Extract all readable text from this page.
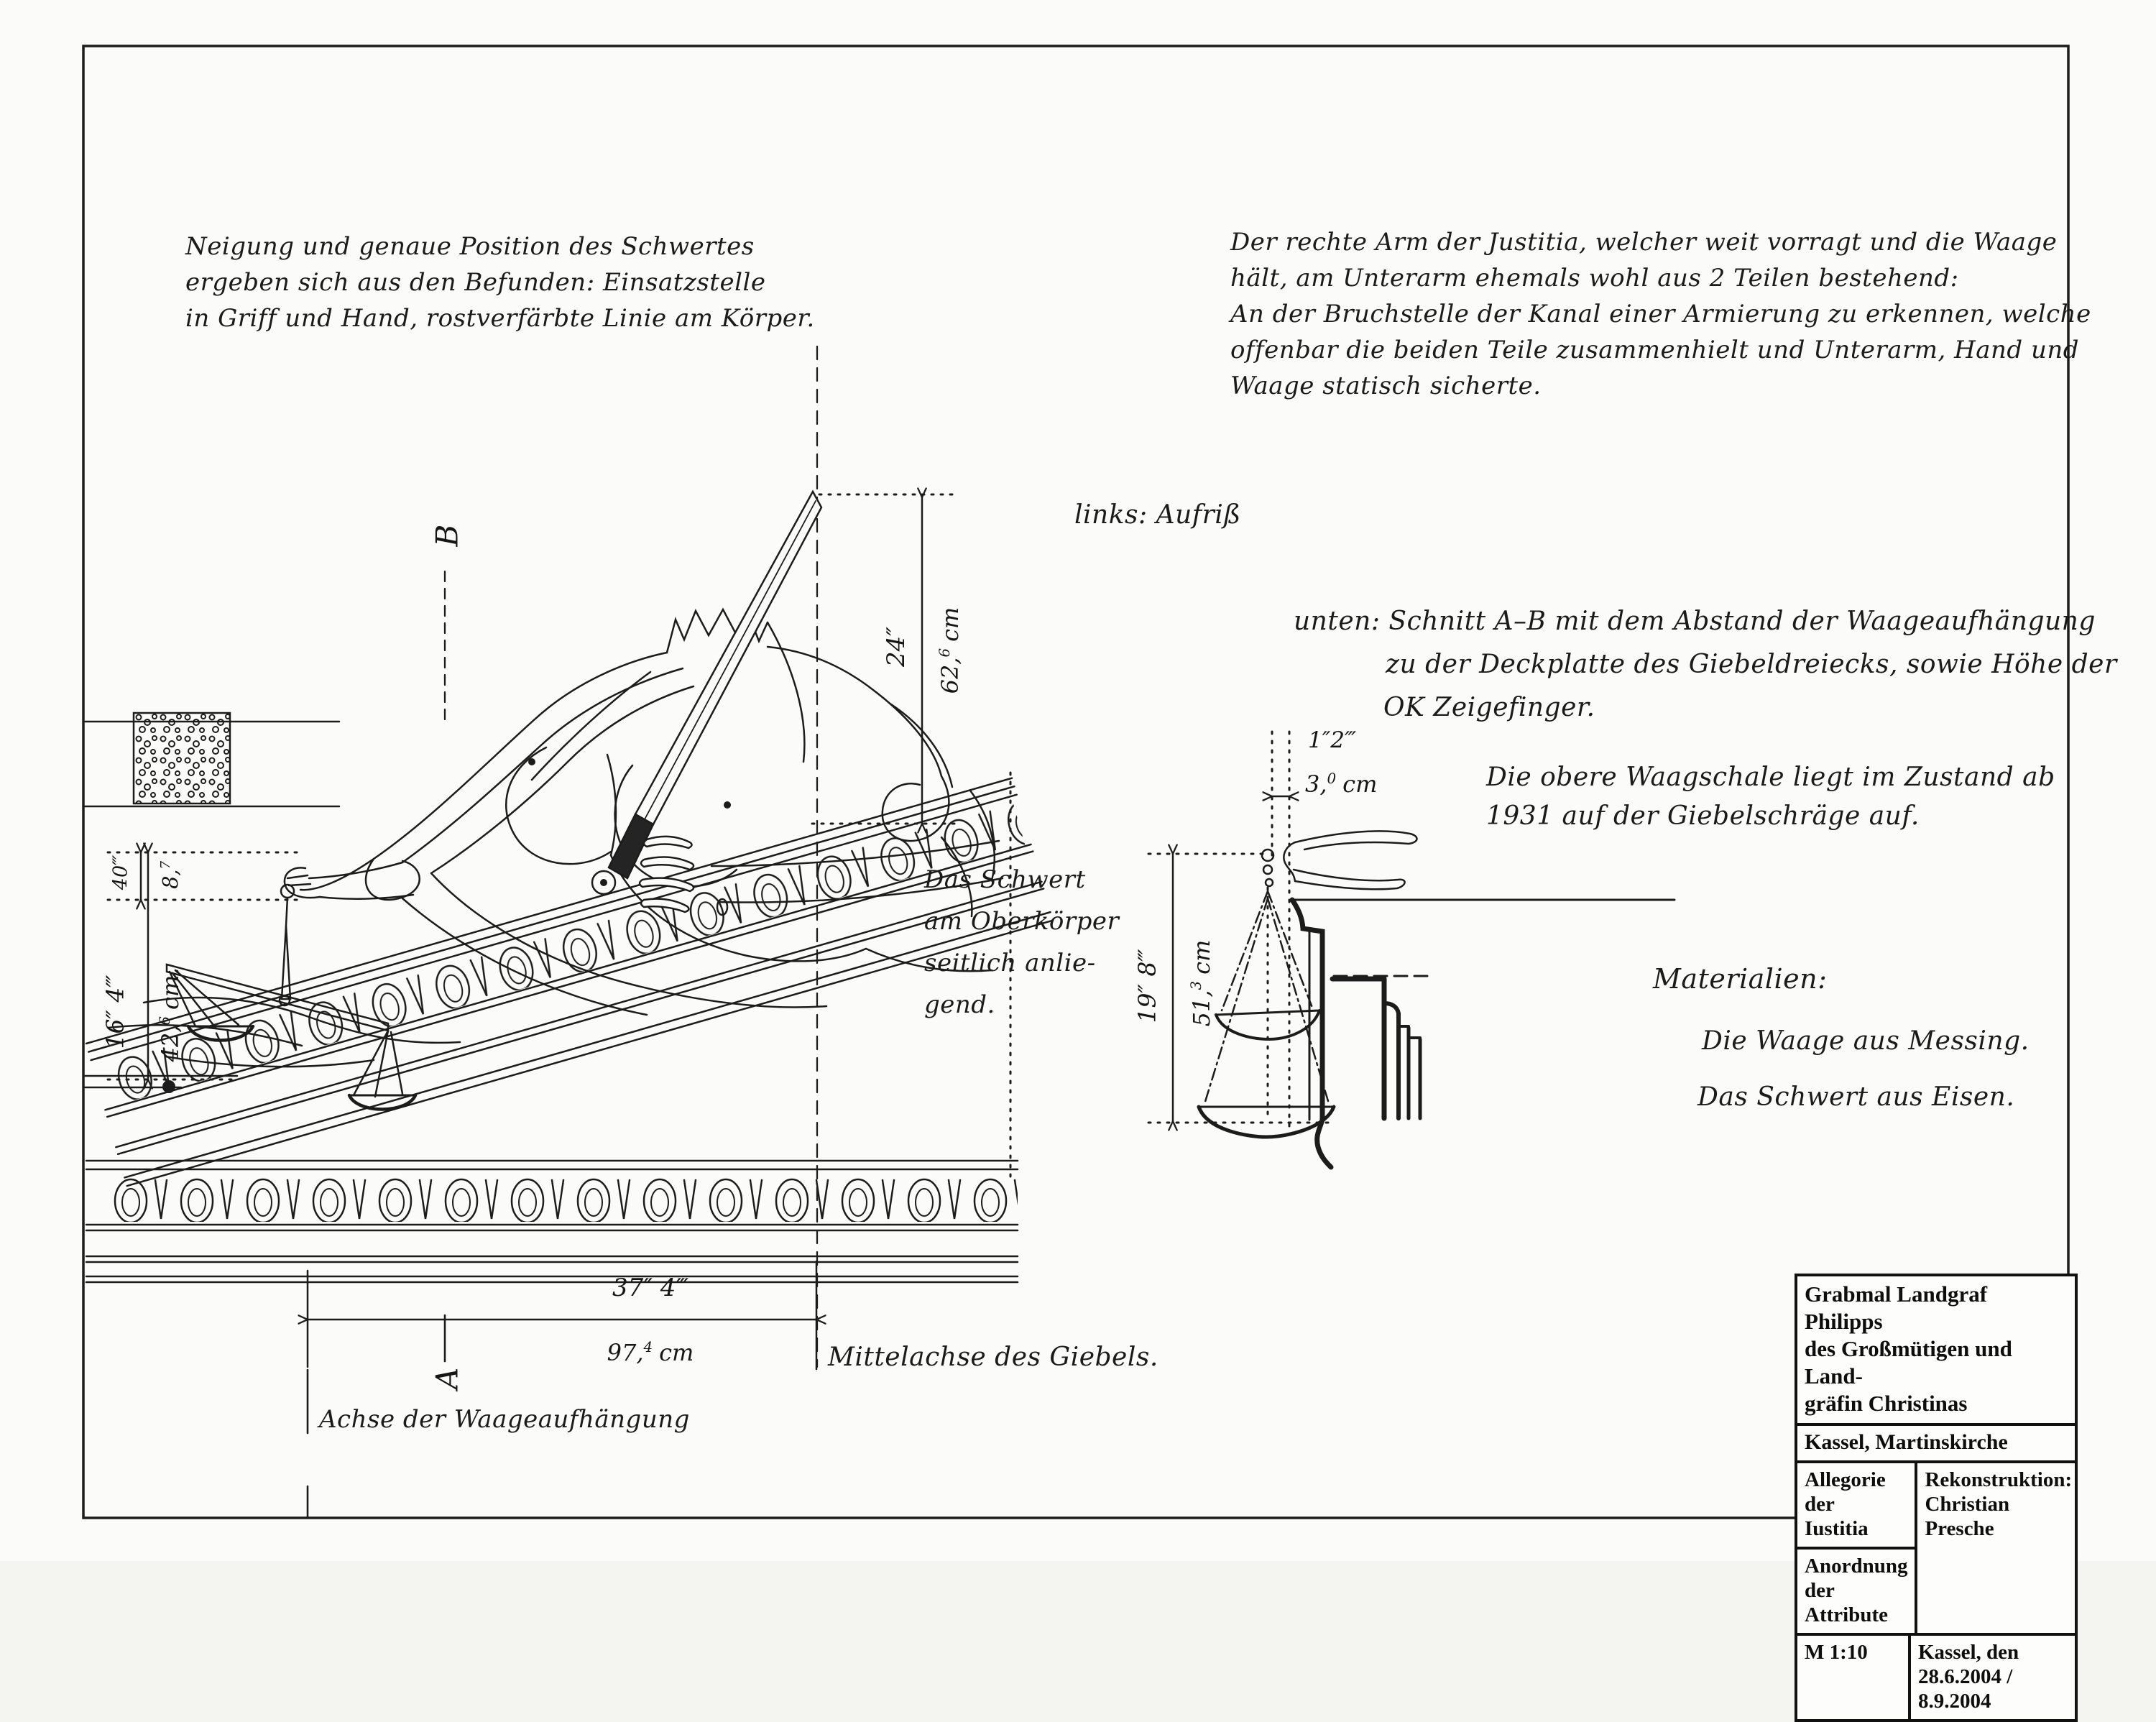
Neigung und genaue Position des Schwertes
ergeben sich aus den Befunden: Einsatzstelle
in Griff und Hand, rostverfärbte Linie am Körper.
Der rechte Arm der Justitia, welcher weit vorragt und die Waage
hält, am Unterarm ehemals wohl aus 2 Teilen bestehend:
An der Bruchstelle der Kanal einer Armierung zu erkennen, welche
offenbar die beiden Teile zusammenhielt und Unterarm, Hand und
Waage statisch sicherte.
links: Aufriß
unten: Schnitt A–B mit dem Abstand der Waageaufhängung
zu der Deckplatte des Giebeldreiecks, sowie Höhe der
OK Zeigefinger.
Die obere Waagschale liegt im Zustand ab
1931 auf der Giebelschräge auf.
Das Schwert
am Oberkörper
seitlich anlie-
gend.
Materialien:
Die Waage aus Messing.
Das Schwert aus Eisen.
Mittelachse des Giebels.
Achse der Waageaufhängung
24″
62,$^6$cm
37″ 4‴
97,$^4$ cm
40‴ 8,$^7$
16″ 4‴ 42,$^6$cm.
1″2‴
3,$^0$ cm
19″ 8‴ 51,$^3$cm
B
A
Grabmal Landgraf Philipps
des Großmütigen und Land-
gräfin Christinas
Kassel, Martinskirche
Allegorie der
Iustitia
Anordnung der
Attribute
Rekonstruktion:
Christian Presche
M 1:10	Kassel, den 28.6.2004 /
8.9.2004
